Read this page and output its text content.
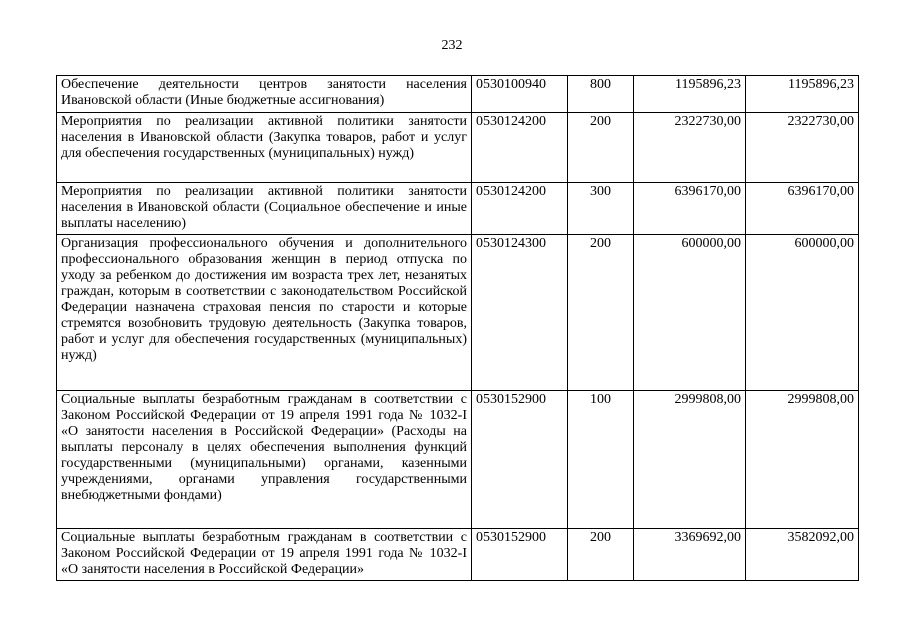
232
Обеспечение деятельности центров занятости населения Ивановской области (Иные бюджетные ассигнования)	0530100940	800	1195896,23	1195896,23
Мероприятия по реализации активной политики занятости населения в Ивановской области (Закупка товаров, работ и услуг для обеспечения государственных (муниципальных) нужд)	0530124200	200	2322730,00	2322730,00
Мероприятия по реализации активной политики занятости населения в Ивановской области (Социальное обеспечение и иные выплаты населению)	0530124200	300	6396170,00	6396170,00
Организация профессионального обучения и дополнительного профессионального образования женщин в период отпуска по уходу за ребенком до достижения им возраста трех лет, незанятых граждан, которым в соответствии с законодательством Российской Федерации назначена страховая пенсия по старости и которые стремятся возобновить трудовую деятельность (Закупка товаров, работ и услуг для обеспечения государственных (муниципальных) нужд)	0530124300	200	600000,00	600000,00
Социальные выплаты безработным гражданам в соответствии с Законом Российской Федерации от 19 апреля 1991 года № 1032-I «О занятости населения в Российской Федерации» (Расходы на выплаты персоналу в целях обеспечения выполнения функций государственными (муниципальными) органами, казенными учреждениями, органами управления государственными внебюджетными фондами)	0530152900	100	2999808,00	2999808,00
Социальные выплаты безработным гражданам в соответствии с Законом Российской Федерации от 19 апреля 1991 года № 1032-I «О занятости населения в Российской Федерации»	0530152900	200	3369692,00	3582092,00
